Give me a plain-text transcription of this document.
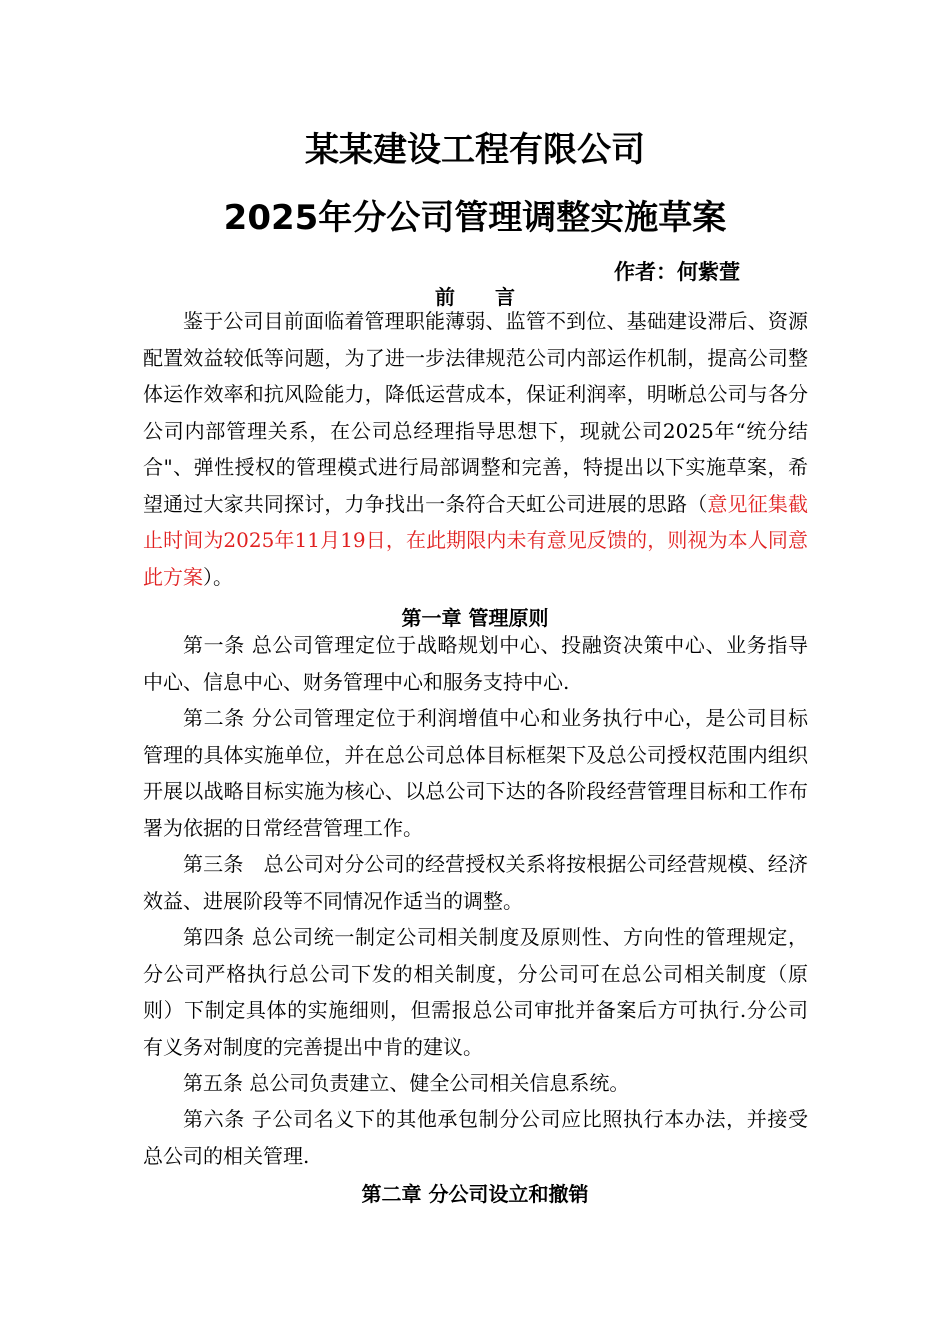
某某建设工程有限公司
2025年分公司管理调整实施草案
作者：何紫萱
前　　言

鉴于公司目前面临着管理职能薄弱、监管不到位、基础建设滞后、资源配置效益较低等问题，为了进一步法律规范公司内部运作机制，提高公司整体运作效率和抗风险能力，降低运营成本，保证利润率，明晰总公司与各分公司内部管理关系，在公司总经理指导思想下，现就公司2025年“统分结合"、弹性授权的管理模式进行局部调整和完善，特提出以下实施草案，希望通过大家共同探讨，力争找出一条符合天虹公司进展的思路（意见征集截止时间为2025年11月19日，在此期限内未有意见反馈的，则视为本人同意此方案）。

第一章 管理原则

第一条 总公司管理定位于战略规划中心、投融资决策中心、业务指导中心、信息中心、财务管理中心和服务支持中心.

第二条 分公司管理定位于利润增值中心和业务执行中心，是公司目标管理的具体实施单位，并在总公司总体目标框架下及总公司授权范围内组织开展以战略目标实施为核心、以总公司下达的各阶段经营管理目标和工作布署为依据的日常经营管理工作。

第三条　总公司对分公司的经营授权关系将按根据公司经营规模、经济效益、进展阶段等不同情况作适当的调整。

第四条 总公司统一制定公司相关制度及原则性、方向性的管理规定，分公司严格执行总公司下发的相关制度，分公司可在总公司相关制度（原则）下制定具体的实施细则，但需报总公司审批并备案后方可执行.分公司有义务对制度的完善提出中肯的建议。

第五条 总公司负责建立、健全公司相关信息系统。

第六条 子公司名义下的其他承包制分公司应比照执行本办法，并接受总公司的相关管理.

第二章 分公司设立和撤销
